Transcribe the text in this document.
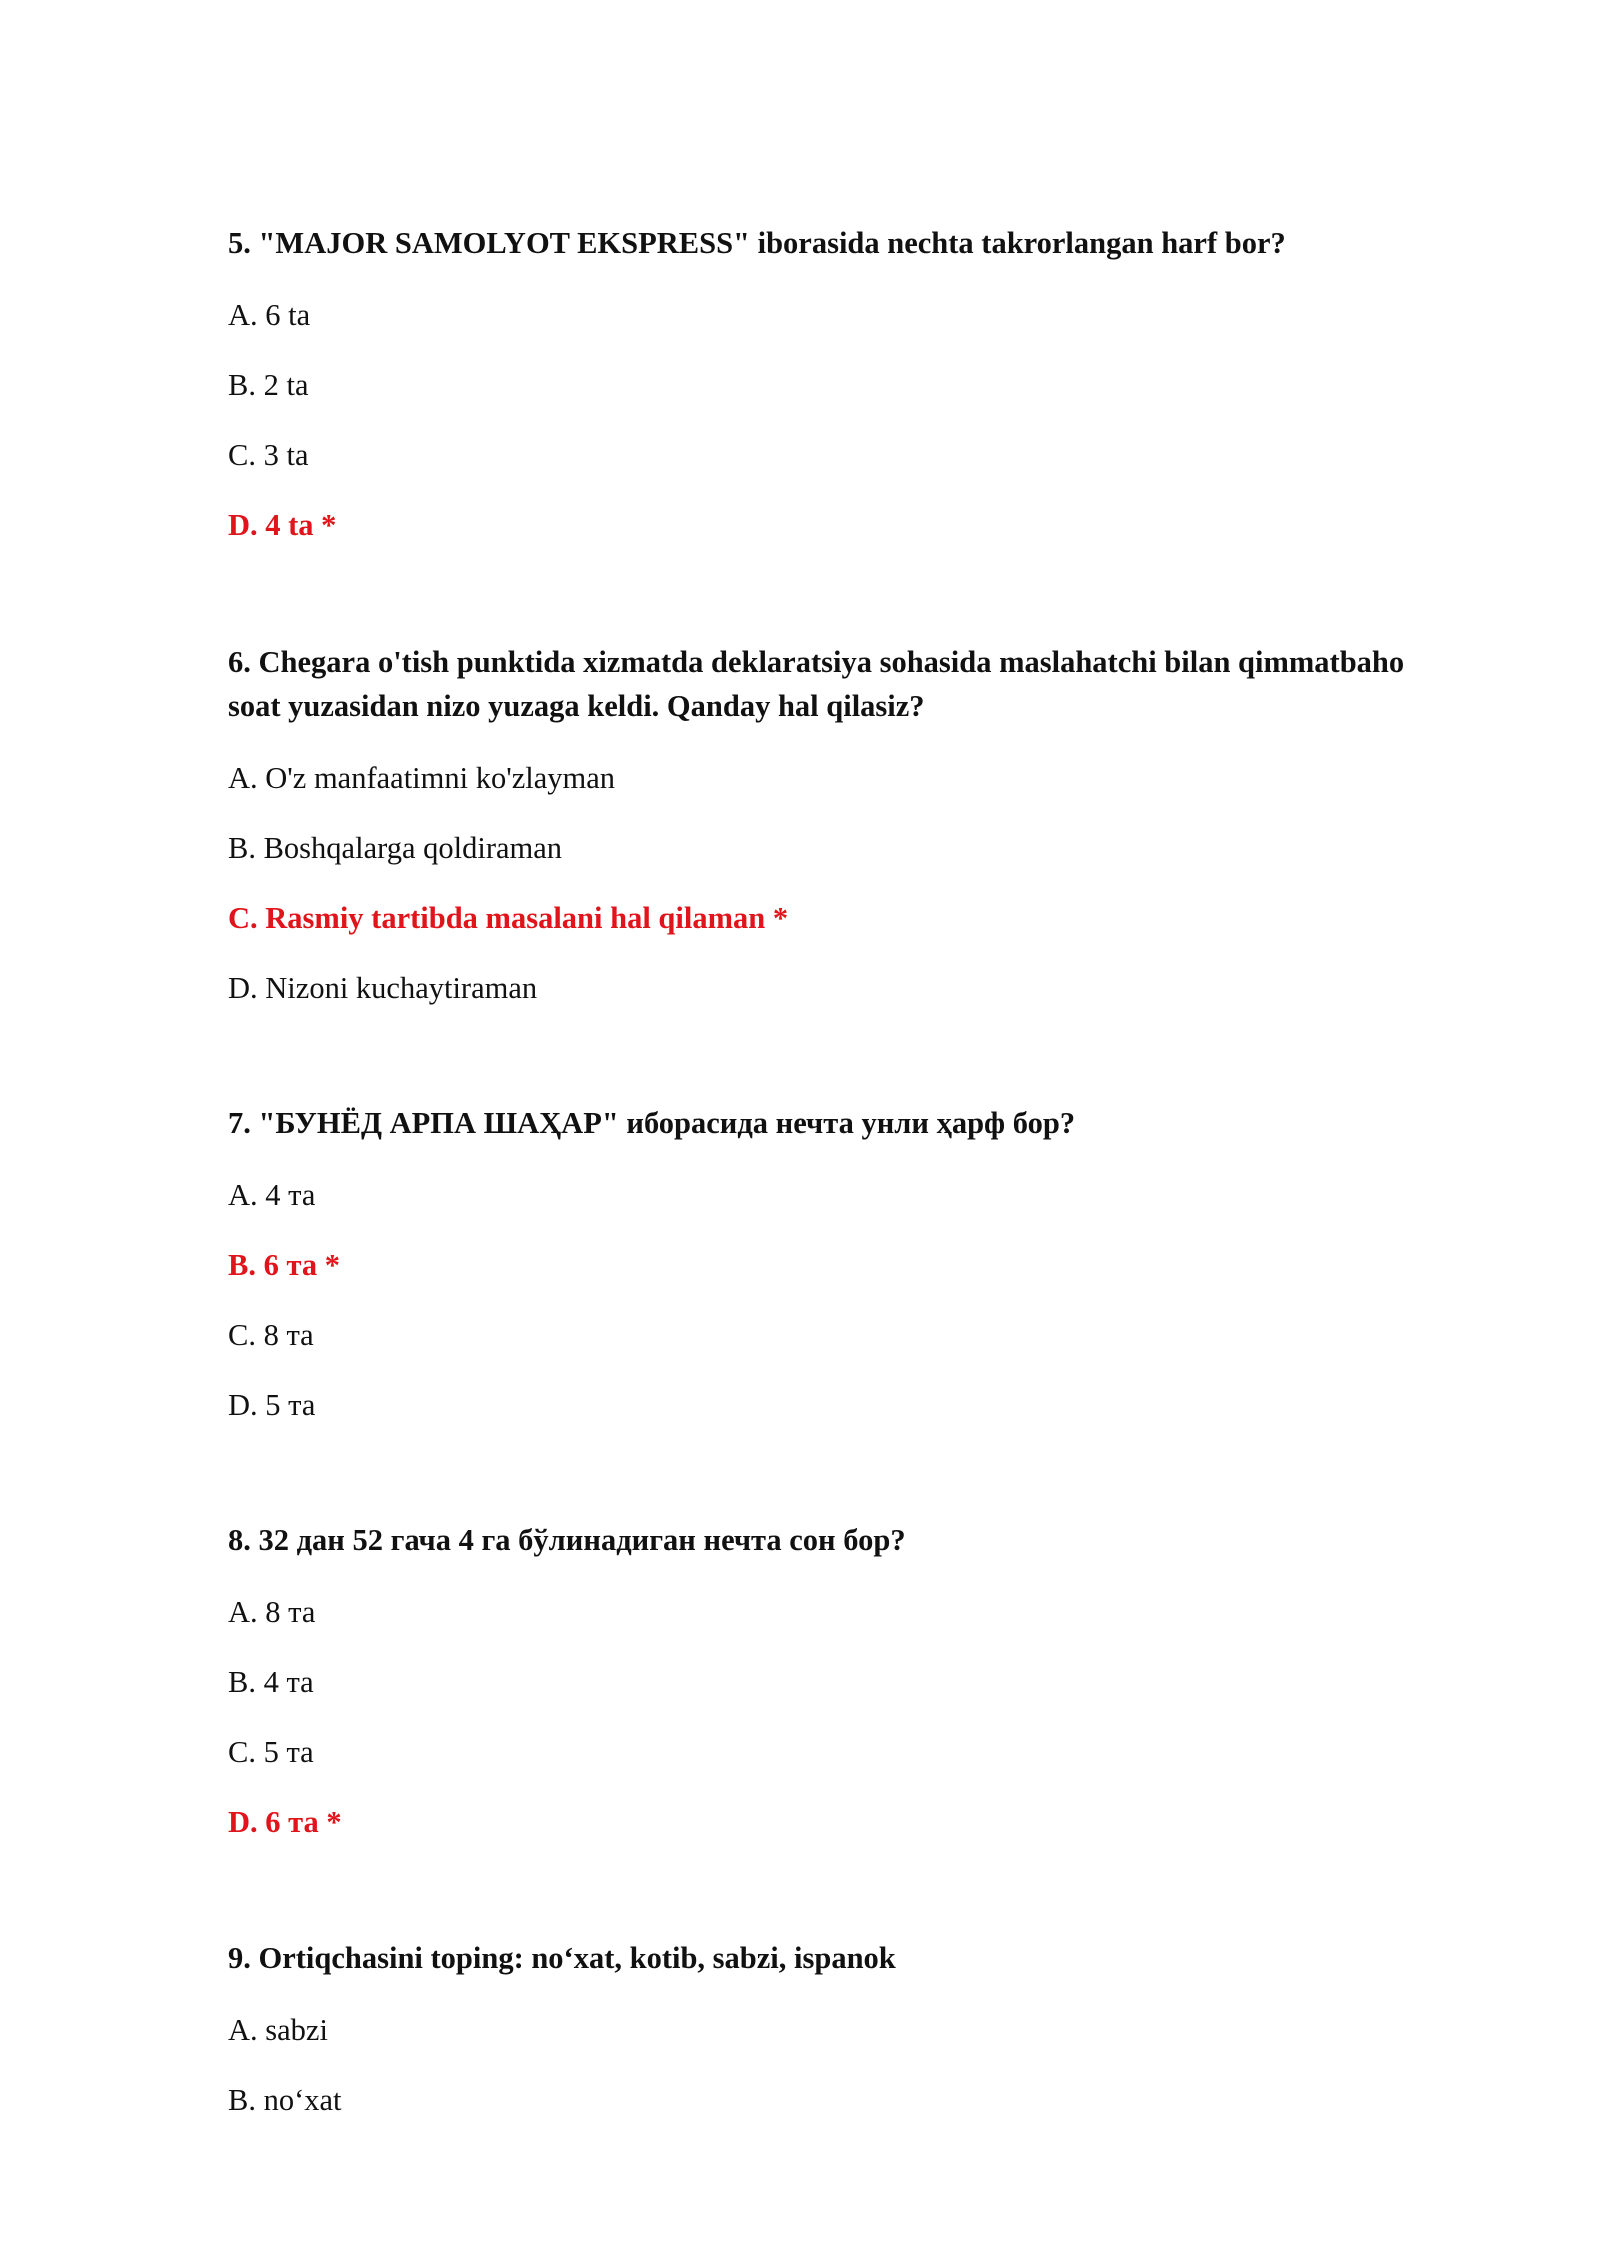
5. "MAJOR SAMOLYOT EKSPRESS" iborasida nechta takrorlangan harf bor?

A. 6 ta
B. 2 ta
C. 3 ta
D. 4 ta *

6. Chegara o'tish punktida xizmatda deklaratsiya sohasida maslahatchi bilan qimmatbaho
soat yuzasidan nizo yuzaga keldi. Qanday hal qilasiz?

A. O'z manfaatimni ko'zlayman
B. Boshqalarga qoldiraman
C. Rasmiy tartibda masalani hal qilaman *
D. Nizoni kuchaytiraman

7. "БУНЁД АРПА ШАҲАР" иборасида нечта унли ҳарф бор?

A. 4 та
B. 6 та *
C. 8 та
D. 5 та

8. 32 дан 52 гача 4 га бўлинадиган нечта сон бор?

A. 8 та
B. 4 та
C. 5 та
D. 6 та *

9. Ortiqchasini toping: no‘xat, kotib, sabzi, ispanok

A. sabzi
B. no‘xat
